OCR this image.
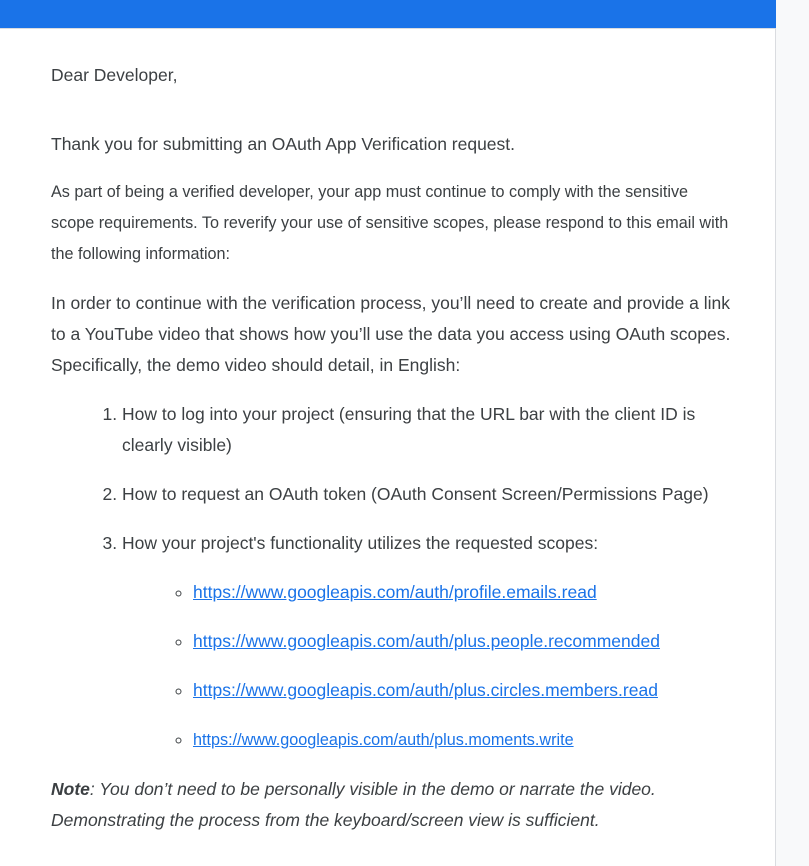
Dear Developer,

Thank you for submitting an OAuth App Verification request.

As part of being a verified developer, your app must continue to comply with the sensitive scope requirements. To reverify your use of sensitive scopes, please respond to this email with the following information:

In order to continue with the verification process, you’ll need to create and provide a link to a YouTube video that shows how you’ll use the data you access using OAuth scopes. Specifically, the demo video should detail, in English:

1. How to log into your project (ensuring that the URL bar with the client ID is clearly visible)
2. How to request an OAuth token (OAuth Consent Screen/Permissions Page)
3. How your project's functionality utilizes the requested scopes:
◦ https://www.googleapis.com/auth/profile.emails.read
◦ https://www.googleapis.com/auth/plus.people.recommended
◦ https://www.googleapis.com/auth/plus.circles.members.read
◦ https://www.googleapis.com/auth/plus.moments.write

Note: You don’t need to be personally visible in the demo or narrate the video. Demonstrating the process from the keyboard/screen view is sufficient.
